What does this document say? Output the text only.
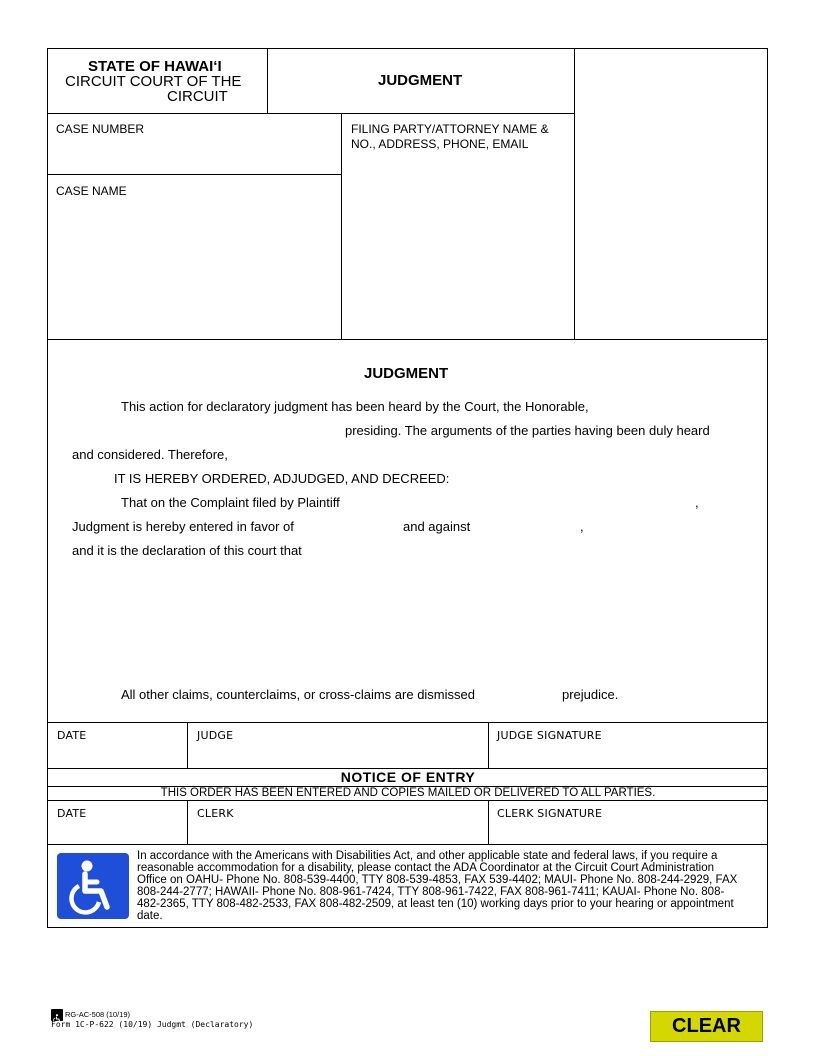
STATE OF HAWAI‘I
CIRCUIT COURT OF THE
CIRCUIT
JUDGMENT
CASE NUMBER	FILING PARTY/ATTORNEY NAME &
NO., ADDRESS, PHONE, EMAIL
CASE NAME
JUDGMENT
This action for declaratory judgment has been heard by the Court, the Honorable,
presiding. The arguments of the parties having been duly heard
and considered. Therefore,
IT IS HEREBY ORDERED, ADJUDGED, AND DECREED:
That on the Complaint filed by Plaintiff	,
Judgment is hereby entered in favor of	and against	,
and it is the declaration of this court that
All other claims, counterclaims, or cross-claims are dismissed	prejudice.
DATE	JUDGE	JUDGE SIGNATURE
NOTICE OF ENTRY
THIS ORDER HAS BEEN ENTERED AND COPIES MAILED OR DELIVERED TO ALL PARTIES.
DATE	CLERK	CLERK SIGNATURE
In accordance with the Americans with Disabilities Act, and other applicable state and federal laws, if you require a reasonable accommodation for a disability, please contact the ADA Coordinator at the Circuit Court Administration Office on OAHU- Phone No. 808-539-4400, TTY 808-539-4853, FAX 539-4402; MAUI- Phone No. 808-244-2929, FAX 808-244-2777; HAWAII- Phone No. 808-961-7424, TTY 808-961-7422, FAX 808-961-7411; KAUAI- Phone No. 808-482-2365, TTY 808-482-2533, FAX 808-482-2509, at least ten (10) working days prior to your hearing or appointment date.
RG-AC-508 (10/19)
Form 1C-P-622 (10/19) Judgmt (Declaratory)	CLEAR
